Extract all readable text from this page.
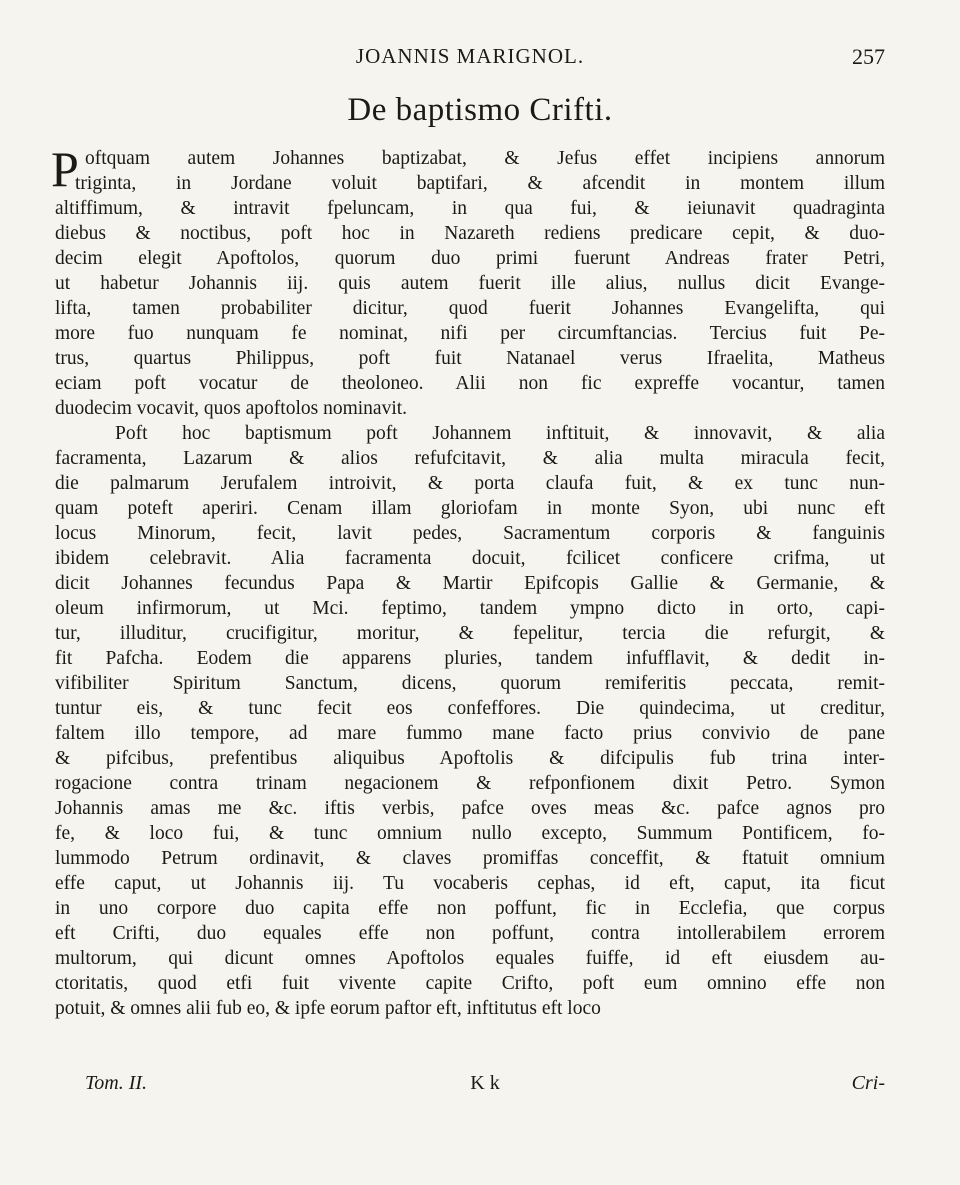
JOANNIS MARIGNOL.	257
De baptismo Crifti.
P oftquam autem Johannes baptizabat, & Jefus effet incipiens annorum
triginta, in Jordane voluit baptifari, & afcendit in montem illum
altiffimum, & intravit fpeluncam, in qua fui, & ieiunavit quadraginta
diebus & noctibus, poft hoc in Nazareth rediens predicare cepit, & duo-
decim elegit Apoftolos, quorum duo primi fuerunt Andreas frater Petri,
ut habetur Johannis iij. quis autem fuerit ille alius, nullus dicit Evange-
lifta, tamen probabiliter dicitur, quod fuerit Johannes Evangelifta, qui
more fuo nunquam fe nominat, nifi per circumftancias. Tercius fuit Pe-
trus, quartus Philippus, poft fuit Natanael verus Ifraelita, Matheus
eciam poft vocatur de theoloneo. Alii non fic expreffe vocantur, tamen
duodecim vocavit, quos apoftolos nominavit.
Poft hoc baptismum poft Johannem inftituit, & innovavit, & alia
facramenta, Lazarum & alios refufcitavit, & alia multa miracula fecit,
die palmarum Jerufalem introivit, & porta claufa fuit, & ex tunc nun-
quam poteft aperiri. Cenam illam gloriofam in monte Syon, ubi nunc eft
locus Minorum, fecit, lavit pedes, Sacramentum corporis & fanguinis
ibidem celebravit. Alia facramenta docuit, fcilicet conficere crifma, ut
dicit Johannes fecundus Papa & Martir Epifcopis Gallie & Germanie, &
oleum infirmorum, ut Mci. feptimo, tandem ympno dicto in orto, capi-
tur, illuditur, crucifigitur, moritur, & fepelitur, tercia die refurgit, &
fit Pafcha. Eodem die apparens pluries, tandem infufflavit, & dedit in-
vifibiliter Spiritum Sanctum, dicens, quorum remiferitis peccata, remit-
tuntur eis, & tunc fecit eos confeffores. Die quindecima, ut creditur,
faltem illo tempore, ad mare fummo mane facto prius convivio de pane
& pifcibus, prefentibus aliquibus Apoftolis & difcipulis fub trina inter-
rogacione contra trinam negacionem & refponfionem dixit Petro. Symon
Johannis amas me &c. iftis verbis, pafce oves meas &c. pafce agnos pro
fe, & loco fui, & tunc omnium nullo excepto, Summum Pontificem, fo-
lummodo Petrum ordinavit, & claves promiffas conceffit, & ftatuit omnium
effe caput, ut Johannis iij. Tu vocaberis cephas, id eft, caput, ita ficut
in uno corpore duo capita effe non poffunt, fic in Ecclefia, que corpus
eft Crifti, duo equales effe non poffunt, contra intollerabilem errorem
multorum, qui dicunt omnes Apoftolos equales fuiffe, id eft eiusdem au-
ctoritatis, quod etfi fuit vivente capite Crifto, poft eum omnino effe non
potuit, & omnes alii fub eo, & ipfe eorum paftor eft, inftitutus eft loco
Tom. II.	K k	Cri-
